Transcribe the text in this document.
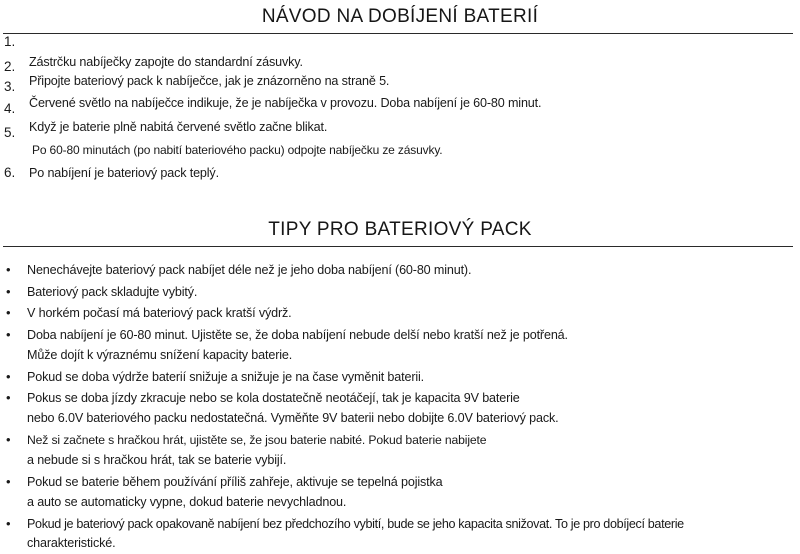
NÁVOD NA DOBÍJENÍ BATERIÍ
1.
2.	Zástrčku nabíječky zapojte do standardní zásuvky.
3.	Připojte bateriový pack k nabíječce, jak je znázorněno na straně 5.
4.	Červené světlo na nabíječce indikuje, že je nabíječka v provozu. Doba nabíjení je 60-80 minut.
5.	Když je baterie plně nabitá červené světlo začne blikat.
Po 60-80 minutách (po nabití bateriového packu) odpojte nabíječku ze zásuvky.
6.	Po nabíjení je bateriový pack teplý.
TIPY PRO BATERIOVÝ PACK
• Nenechávejte bateriový pack nabíjet déle než je jeho doba nabíjení (60-80 minut).
• Bateriový pack skladujte vybitý.
• V horkém počasí má bateriový pack kratší výdrž.
• Doba nabíjení je 60-80 minut. Ujistěte se, že doba nabíjení nebude delší nebo kratší než je potřená.
Může dojít k výraznému snížení kapacity baterie.
• Pokud se doba výdrže baterií snižuje a snižuje je na čase vyměnit baterii.
• Pokus se doba jízdy zkracuje nebo se kola dostatečně neotáčejí, tak je kapacita 9V baterie
nebo 6.0V bateriového packu nedostatečná. Vyměňte 9V baterii nebo dobijte 6.0V bateriový pack.
• Než si začnete s hračkou hrát, ujistěte se, že jsou baterie nabité. Pokud baterie nabijete
a nebude si s hračkou hrát, tak se baterie vybijí.
• Pokud se baterie během používání příliš zahřeje, aktivuje se tepelná pojistka
a auto se automaticky vypne, dokud baterie nevychladnou.
• Pokud je bateriový pack opakovaně nabíjení bez předchozího vybití, bude se jeho kapacita snižovat. To je pro dobíjecí baterie
charakteristické.
